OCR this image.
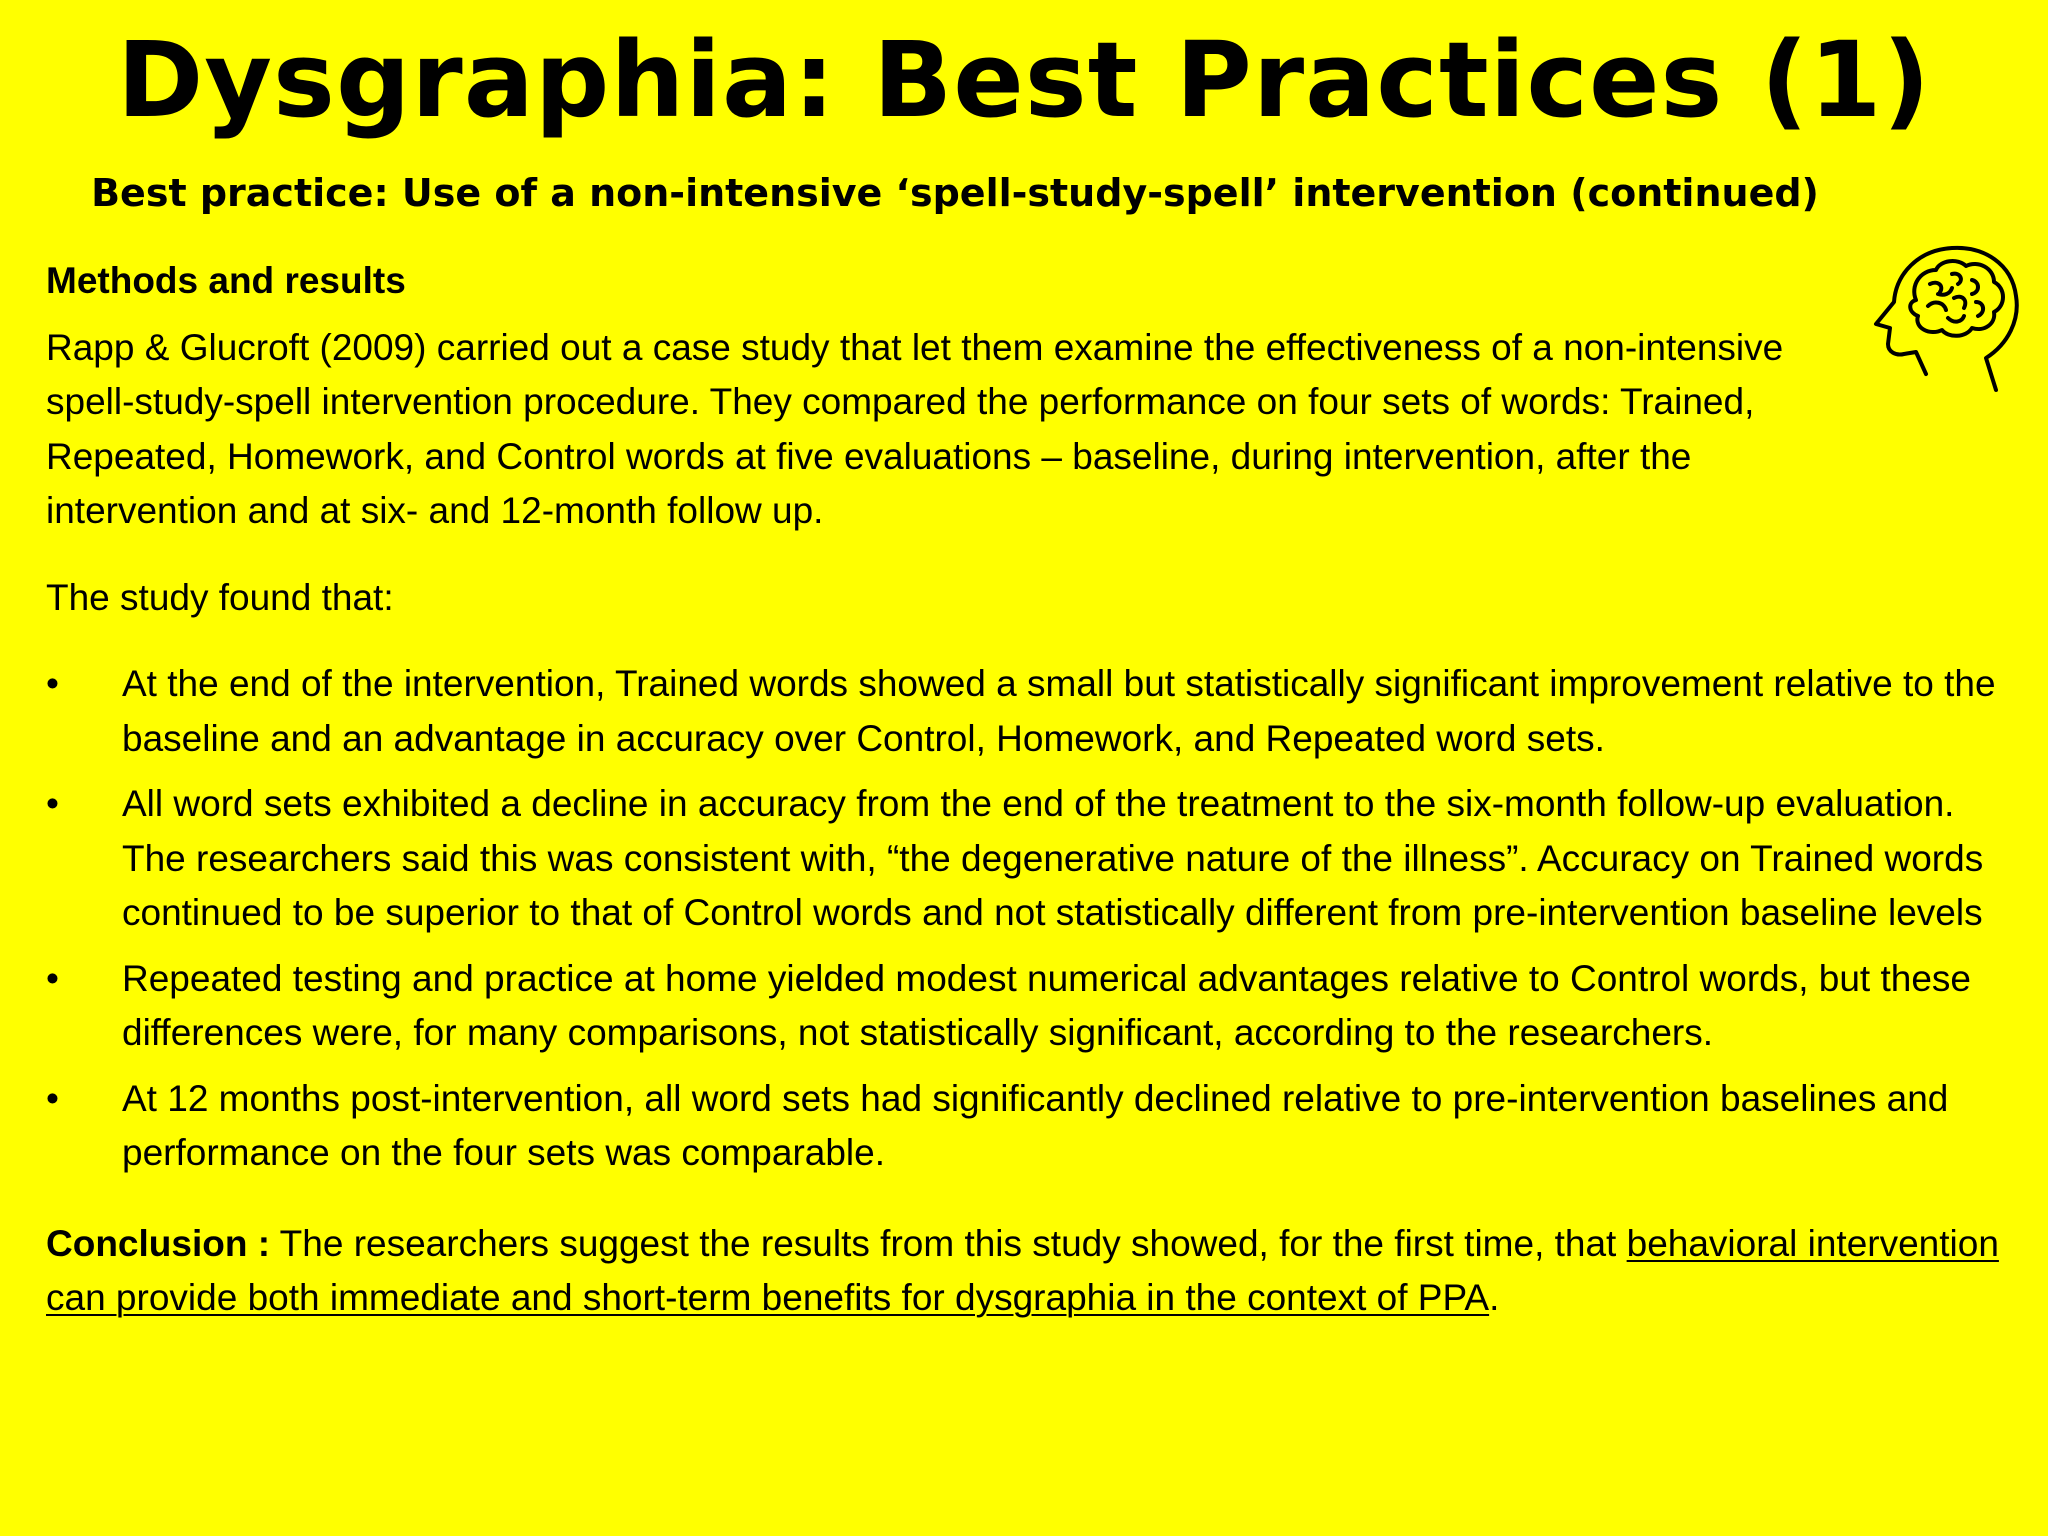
Dysgraphia: Best Practices (1)
Best practice: Use of a non-intensive ‘spell-study-spell’ intervention (continued)

Methods and results

Rapp & Glucroft (2009) carried out a case study that let them examine the effectiveness of a non-intensive spell-study-spell intervention procedure. They compared the performance on four sets of words: Trained, Repeated, Homework, and Control words at five evaluations – baseline, during intervention, after the intervention and at six- and 12-month follow up.

The study found that:

• At the end of the intervention, Trained words showed a small but statistically significant improvement relative to the baseline and an advantage in accuracy over Control, Homework, and Repeated word sets.
• All word sets exhibited a decline in accuracy from the end of the treatment to the six-month follow-up evaluation. The researchers said this was consistent with, “the degenerative nature of the illness”. Accuracy on Trained words continued to be superior to that of Control words and not statistically different from pre-intervention baseline levels
• Repeated testing and practice at home yielded modest numerical advantages relative to Control words, but these differences were, for many comparisons, not statistically significant, according to the researchers.
• At 12 months post-intervention, all word sets had significantly declined relative to pre-intervention baselines and performance on the four sets was comparable.

Conclusion : The researchers suggest the results from this study showed, for the first time, that behavioral intervention can provide both immediate and short-term benefits for dysgraphia in the context of PPA.
